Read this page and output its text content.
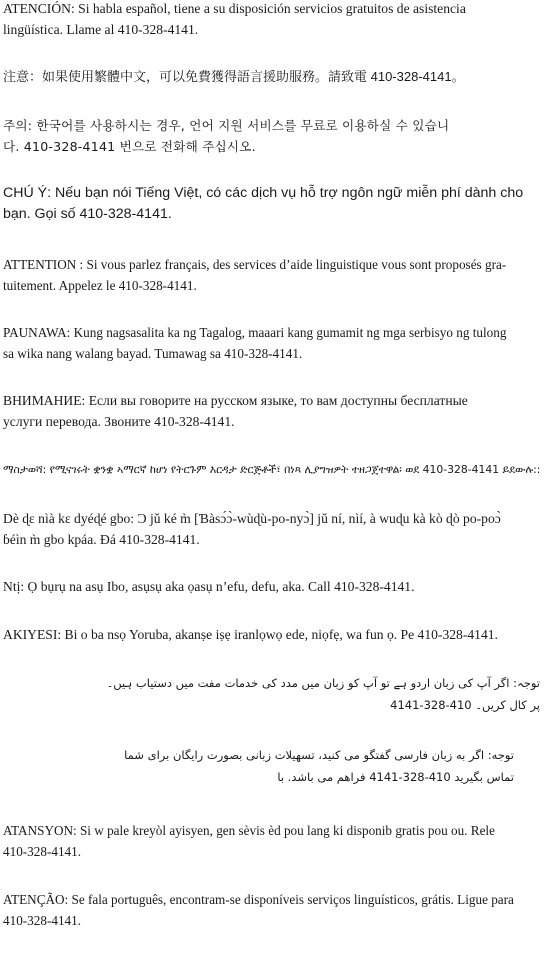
ATENCIÓN: Si habla español, tiene a su disposición servicios gratuitos de asistencia
lingüística. Llame al 410-328-4141.

注意：如果使用繁體中文，可以免費獲得語言援助服務。請致電 410-328-4141。

주의: 한국어를 사용하시는 경우, 언어 지원 서비스를 무료로 이용하실 수 있습니
다. 410-328-4141 번으로 전화해 주십시오.

CHÚ Ý: Nếu bạn nói Tiếng Việt, có các dịch vụ hỗ trợ ngôn ngữ miễn phí dành cho
bạn. Gọi số 410-328-4141.

ATTENTION : Si vous parlez français, des services d’aide linguistique vous sont proposés gra-
tuitement. Appelez le 410-328-4141.

PAUNAWA: Kung nagsasalita ka ng Tagalog, maaari kang gumamit ng mga serbisyo ng tulong
sa wika nang walang bayad. Tumawag sa 410-328-4141.

ВНИМАНИЕ: Если вы говорите на русском языке, то вам доступны бесплатные
услуги перевода. Звоните 410-328-4141.

ማስታወሻ: የሚናገሩት ቋንቋ ኣማርኛ ከሆነ የትርጉም እርዳታ ድርጅቶች፣ በነጻ ሊያግዝዎት ተዘጋጀተዋል፡ ወደ 410-328-4141 ይደውሉ::

Dè ɖɛ nìà kɛ dyéɖé gbo: Ɔ jǔ ké m̀ [Ɓàsɔ́ɔ̀-wùɖù-po-nyɔ̀] jǔ ní, nìí, à wuɖu kà kò ɖò po-poɔ̀
ɓéìn m̀ gbo kpáa. Ɖá 410-328-4141.

Ntị: Ọ bụrụ na asụ Ibo, asụsụ aka ọasụ n’efu, defu, aka. Call 410-328-4141.

AKIYESI: Bi o ba nsọ Yoruba, akanṣe iṣẹ iranlọwọ ede, niọfẹ, wa fun ọ. Pe 410-328-4141.

توجہ: اگر آپ کی زبان اردو ہے تو آپ کو زبان میں مدد کی خدمات مفت میں دستیاب ہیں۔
پر کال کریں۔ 410-328-4141

توجه: اگر به زبان فارسی گفتگو می کنید، تسهیلات زبانی بصورت رایگان برای شما
تماس بگیرید 410-328-4141 فراهم می باشد. با

ATANSYON: Si w pale kreyòl ayisyen, gen sèvis èd pou lang ki disponib gratis pou ou. Rele
410-328-4141.

ATENÇÃO: Se fala português, encontram-se disponíveis serviços linguísticos, grátis. Ligue para
410-328-4141.
